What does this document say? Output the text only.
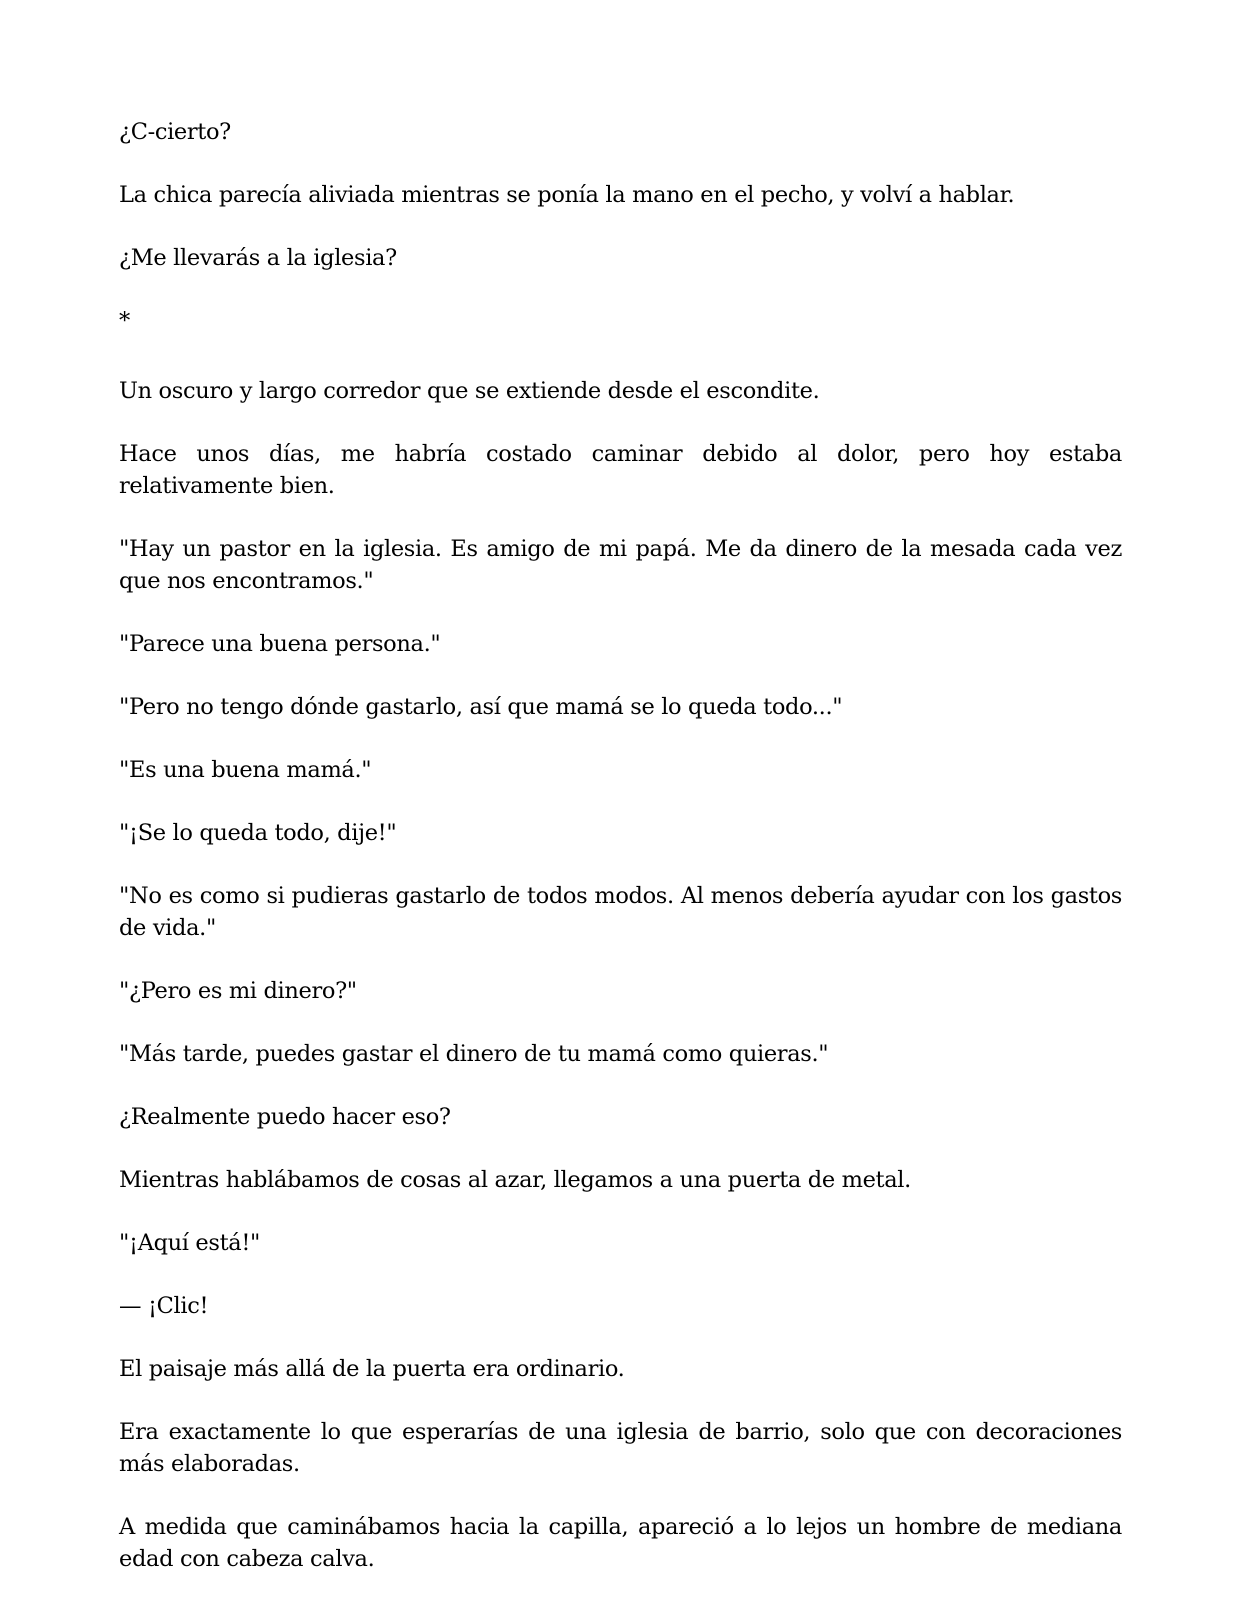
¿C-cierto?

La chica parecía aliviada mientras se ponía la mano en el pecho, y volví a hablar.

¿Me llevarás a la iglesia?

*

Un oscuro y largo corredor que se extiende desde el escondite.

Hace unos días, me habría costado caminar debido al dolor, pero hoy estaba relativamente bien.

"Hay un pastor en la iglesia. Es amigo de mi papá. Me da dinero de la mesada cada vez que nos encontramos."

"Parece una buena persona."

"Pero no tengo dónde gastarlo, así que mamá se lo queda todo..."

"Es una buena mamá."

"¡Se lo queda todo, dije!"

"No es como si pudieras gastarlo de todos modos. Al menos debería ayudar con los gastos de vida."

"¿Pero es mi dinero?"

"Más tarde, puedes gastar el dinero de tu mamá como quieras."

¿Realmente puedo hacer eso?

Mientras hablábamos de cosas al azar, llegamos a una puerta de metal.

"¡Aquí está!"

— ¡Clic!

El paisaje más allá de la puerta era ordinario.

Era exactamente lo que esperarías de una iglesia de barrio, solo que con decoraciones más elaboradas.

A medida que caminábamos hacia la capilla, apareció a lo lejos un hombre de mediana edad con cabeza calva.
